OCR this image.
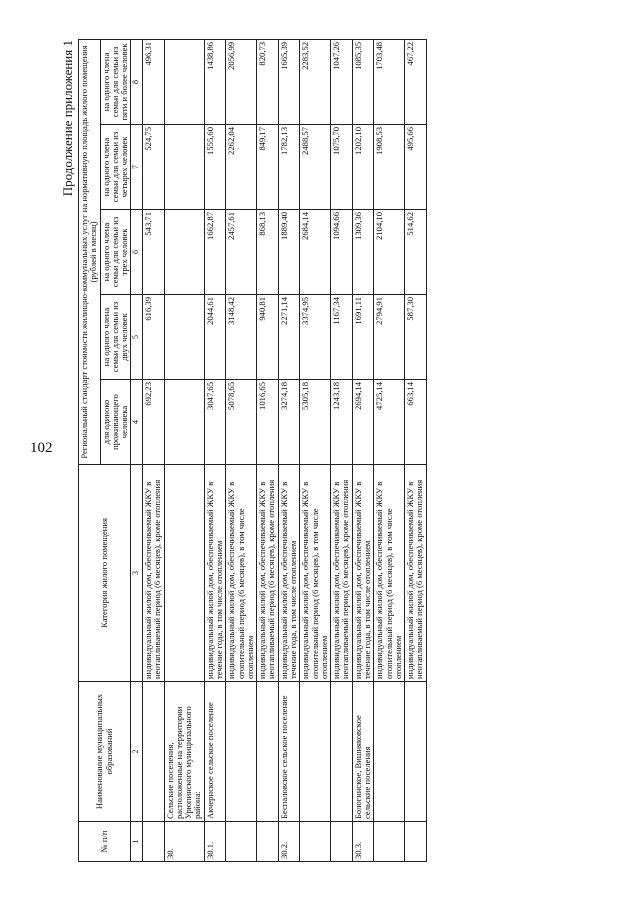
102
Продолжение приложения 1
№ п/п	Наименование муниципальных образований	Категория жилого помещения	Региональный стандарт стоимости жилищно-коммунальных услуг на нормативную площадь жилого помещения (рублей в месяц)				
			для одиноко проживающего человека	на одного члена семьи для семьи из двух человек	на одного члена семьи для семьи из трех человек	на одного члена семьи для семьи из четырех человек	на одного члена семьи для семьи из пяти и более человек
1	2	3	4	5	6	7	8
		индивидуальный жилой дом, обеспечиваемый ЖКУ в неотапливаемый период (6 месяцев), кроме отопления	692,23	616,39	543,71	524,75	496,31
30.	Сельские поселения, расположенные на территории Урюпинского муниципального района:						
30.1.	Акчернское сельское поселение	индивидуальный жилой дом, обеспечиваемый ЖКУ в течение года, в том числе отоплением	3047,65	2044,61	1662,87	1555,60	1438,86
		индивидуальный жилой дом, обеспечиваемый ЖКУ в отопительный период (6 месяцев), в том числе отоплением	5078,65	3148,42	2457,61	2262,04	2056,99
		индивидуальный жилой дом, обеспечиваемый ЖКУ в неотапливаемый период (6 месяцев), кроме отопления	1016,65	940,81	868,13	849,17	820,73
30.2.	Беспаловское сельское поселение	индивидуальный жилой дом, обеспечиваемый ЖКУ в течение года, в том числе отоплением	3274,18	2271,14	1889,40	1782,13	1665,39
		индивидуальный жилой дом, обеспечиваемый ЖКУ в отопительный период (6 месяцев), в том числе отоплением	5305,18	3374,95	2684,14	2488,57	2283,52
		индивидуальный жилой дом, обеспечиваемый ЖКУ в неотапливаемый период (6 месяцев), кроме отопления	1243,18	1167,34	1094,66	1075,70	1047,26
30.3.	Бологинское, Вишняковское сельские поселения	индивидуальный жилой дом, обеспечиваемый ЖКУ в течение года, в том числе отоплением	2694,14	1691,11	1309,36	1202,10	1085,35
		индивидуальный жилой дом, обеспечиваемый ЖКУ в отопительный период (6 месяцев), в том числе отоплением	4725,14	2794,91	2104,10	1908,53	1703,48
		индивидуальный жилой дом, обеспечиваемый ЖКУ в неотапливаемый период (6 месяцев), кроме отопления	663,14	587,30	514,62	495,66	467,22
